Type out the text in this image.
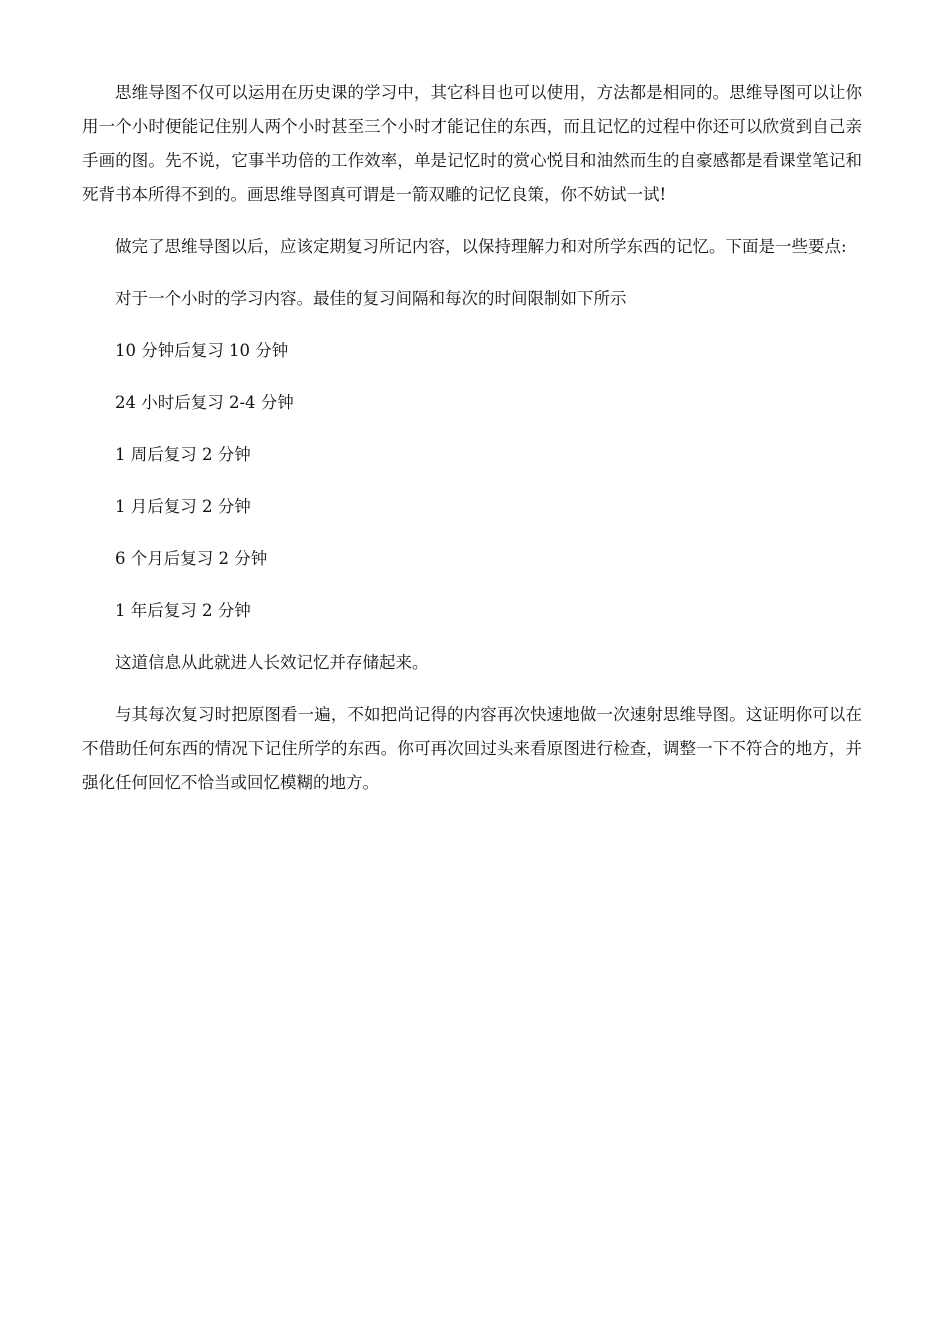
思维导图不仅可以运用在历史课的学习中，其它科目也可以使用，方法都是相同的。思维导图可以让你用一个小时便能记住别人两个小时甚至三个小时才能记住的东西，而且记忆的过程中你还可以欣赏到自己亲手画的图。先不说，它事半功倍的工作效率，单是记忆时的赏心悦目和油然而生的自豪感都是看课堂笔记和死背书本所得不到的。画思维导图真可谓是一箭双雕的记忆良策，你不妨试一试!

做完了思维导图以后，应该定期复习所记内容，以保持理解力和对所学东西的记忆。下面是一些要点:

对于一个小时的学习内容。最佳的复习间隔和每次的时间限制如下所示

10 分钟后复习 10 分钟

24 小时后复习 2-4 分钟

1 周后复习 2 分钟

1 月后复习 2 分钟

6 个月后复习 2 分钟

1 年后复习 2 分钟

这道信息从此就进人长效记忆并存储起来。

与其每次复习时把原图看一遍，不如把尚记得的内容再次快速地做一次速射思维导图。这证明你可以在不借助任何东西的情况下记住所学的东西。你可再次回过头来看原图进行检查，调整一下不符合的地方，并强化任何回忆不恰当或回忆模糊的地方。
